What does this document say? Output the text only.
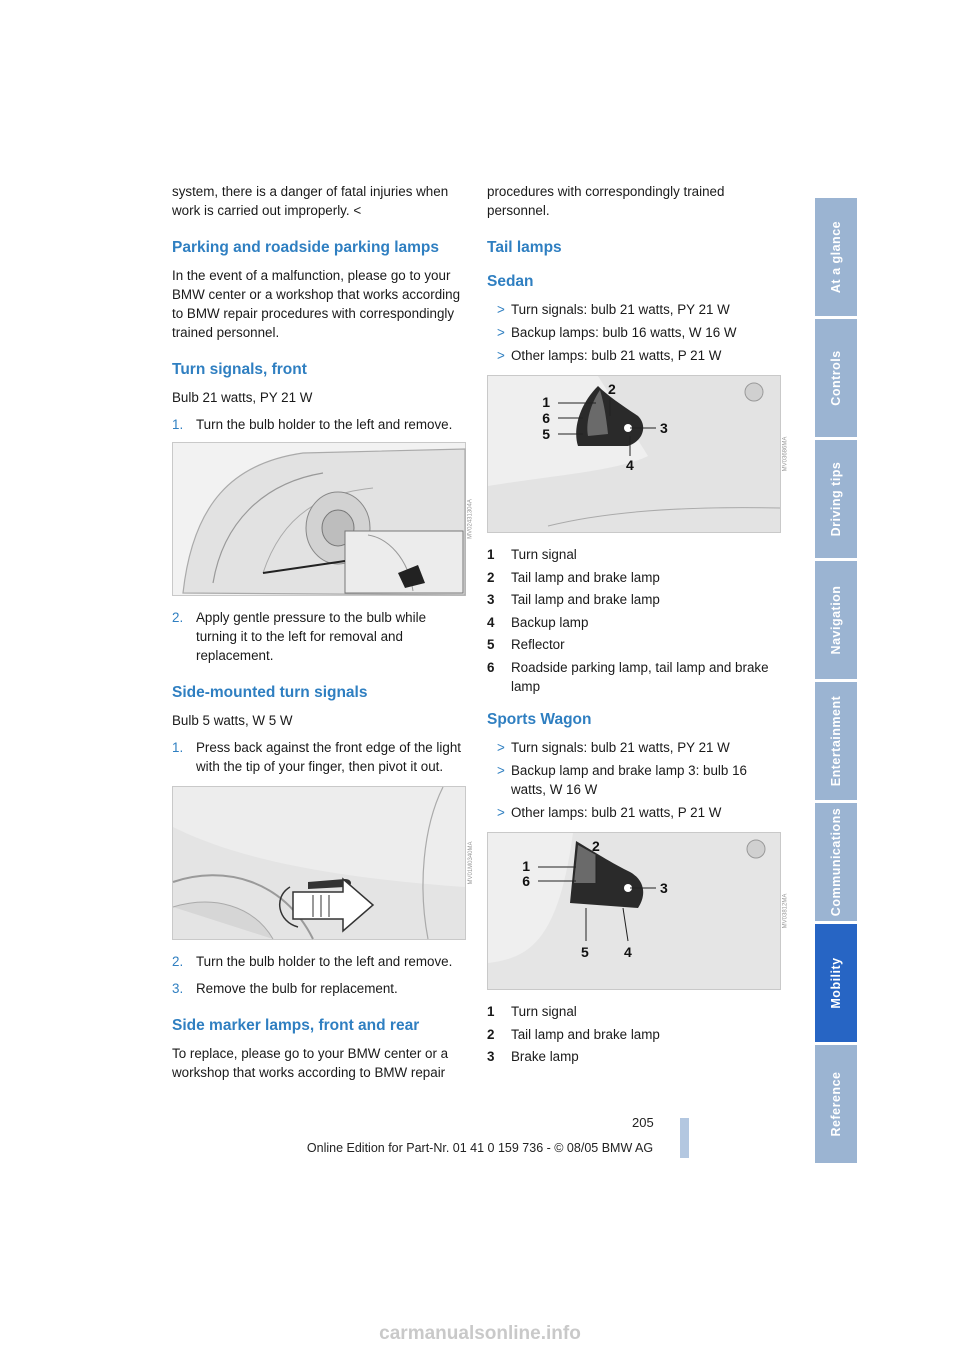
system, there is a danger of fatal injuries when work is carried out improperly. <

Parking and roadside parking lamps

In the event of a malfunction, please go to your BMW center or a workshop that works according to BMW repair procedures with correspondingly trained personnel.

Turn signals, front

Bulb 21 watts, PY 21 W

1. Turn the bulb holder to the left and remove.
MV02431304A
2. Apply gentle pressure to the bulb while turning it to the left for removal and replacement.
Side-mounted turn signals

Bulb 5 watts, W 5 W

1. Press back against the front edge of the light with the tip of your finger, then pivot it out.
MV01M0340MA
2. Turn the bulb holder to the left and remove.
3. Remove the bulb for replacement.
Side marker lamps, front and rear

To replace, please go to your BMW center or a workshop that works according to BMW repair

procedures with correspondingly trained personnel.

Tail lamps
Sedan
> Turn signals: bulb 21 watts, PY 21 W
> Backup lamps: bulb 16 watts, W 16 W
> Other lamps: bulb 21 watts, P 21 W
1
6
5
2
3
4	MV03686MA
1 Turn signal
2 Tail lamp and brake lamp
3 Tail lamp and brake lamp
4 Backup lamp
5 Reflector
6 Roadside parking lamp, tail lamp and brake lamp
Sports Wagon
> Turn signals: bulb 21 watts, PY 21 W
> Backup lamp and brake lamp 3: bulb 16 watts, W 16 W
> Other lamps: bulb 21 watts, P 21 W
1
6
2
3
5	4
MV03812MA
1 Turn signal
2 Tail lamp and brake lamp
3 Brake lamp
At a glance
Controls
Driving tips
Navigation
Entertainment
Communications
Mobility
Reference
205
Online Edition for Part-Nr. 01 41 0 159 736 - © 08/05 BMW AG
carmanualsonline.info
